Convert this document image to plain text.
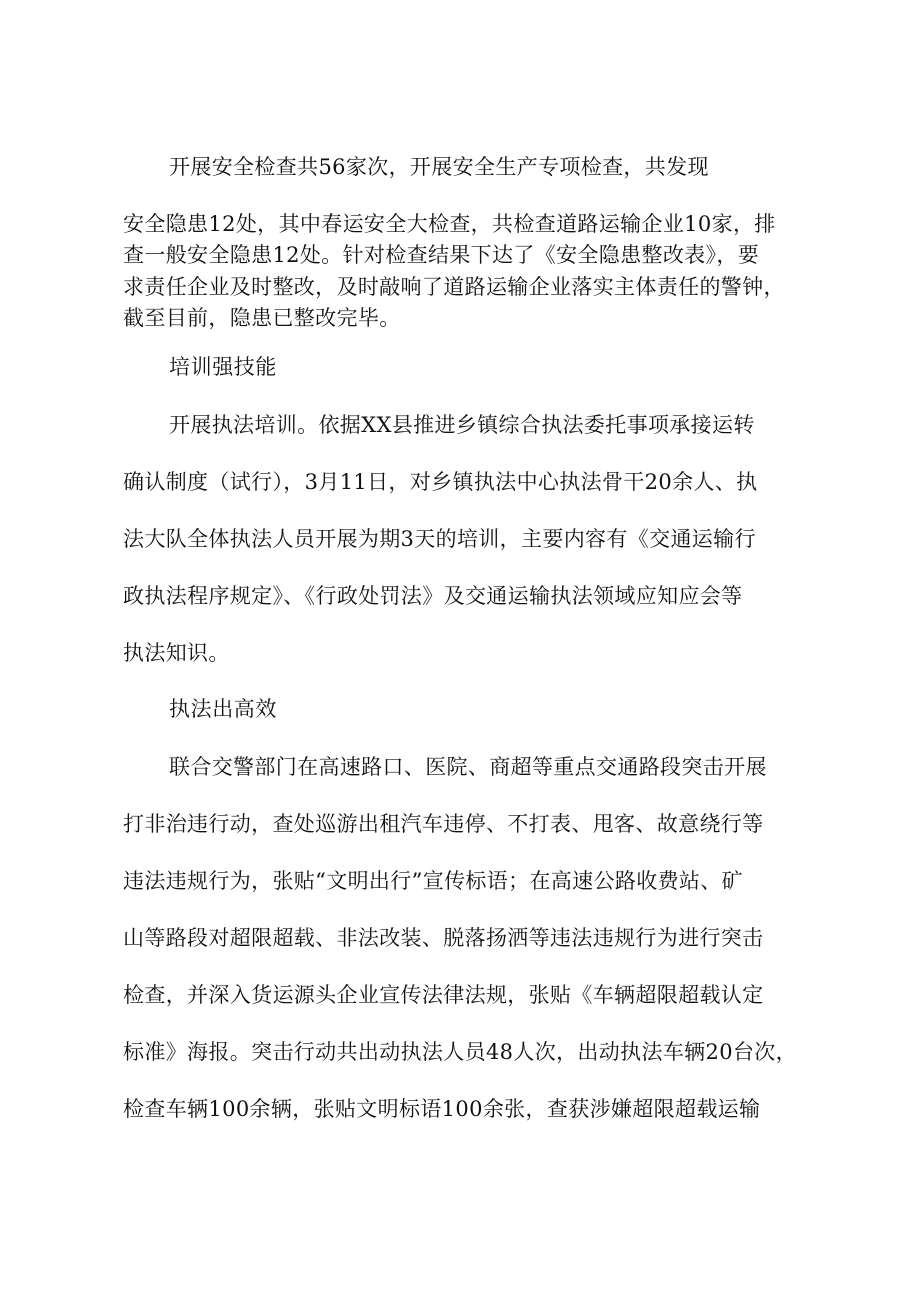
开展安全检查共56家次，开展安全生产专项检查，共发现
安全隐患12处，其中春运安全大检查，共检查道路运输企业10家，排
查一般安全隐患12处。针对检查结果下达了《安全隐患整改表》，要
求责任企业及时整改，及时敲响了道路运输企业落实主体责任的警钟，
截至目前，隐患已整改完毕。
培训强技能
开展执法培训。依据XX县推进乡镇综合执法委托事项承接运转
确认制度（试行），3月11日，对乡镇执法中心执法骨干20余人、执
法大队全体执法人员开展为期3天的培训，主要内容有《交通运输行
政执法程序规定》、《行政处罚法》及交通运输执法领域应知应会等
执法知识。
执法出高效
联合交警部门在高速路口、医院、商超等重点交通路段突击开展
打非治违行动，查处巡游出租汽车违停、不打表、甩客、故意绕行等
违法违规行为，张贴“文明出行”宣传标语；在高速公路收费站、矿
山等路段对超限超载、非法改装、脱落扬洒等违法违规行为进行突击
检查，并深入货运源头企业宣传法律法规，张贴《车辆超限超载认定
标准》海报。突击行动共出动执法人员48人次，出动执法车辆20台次，
检查车辆100余辆，张贴文明标语100余张，查获涉嫌超限超载运输
